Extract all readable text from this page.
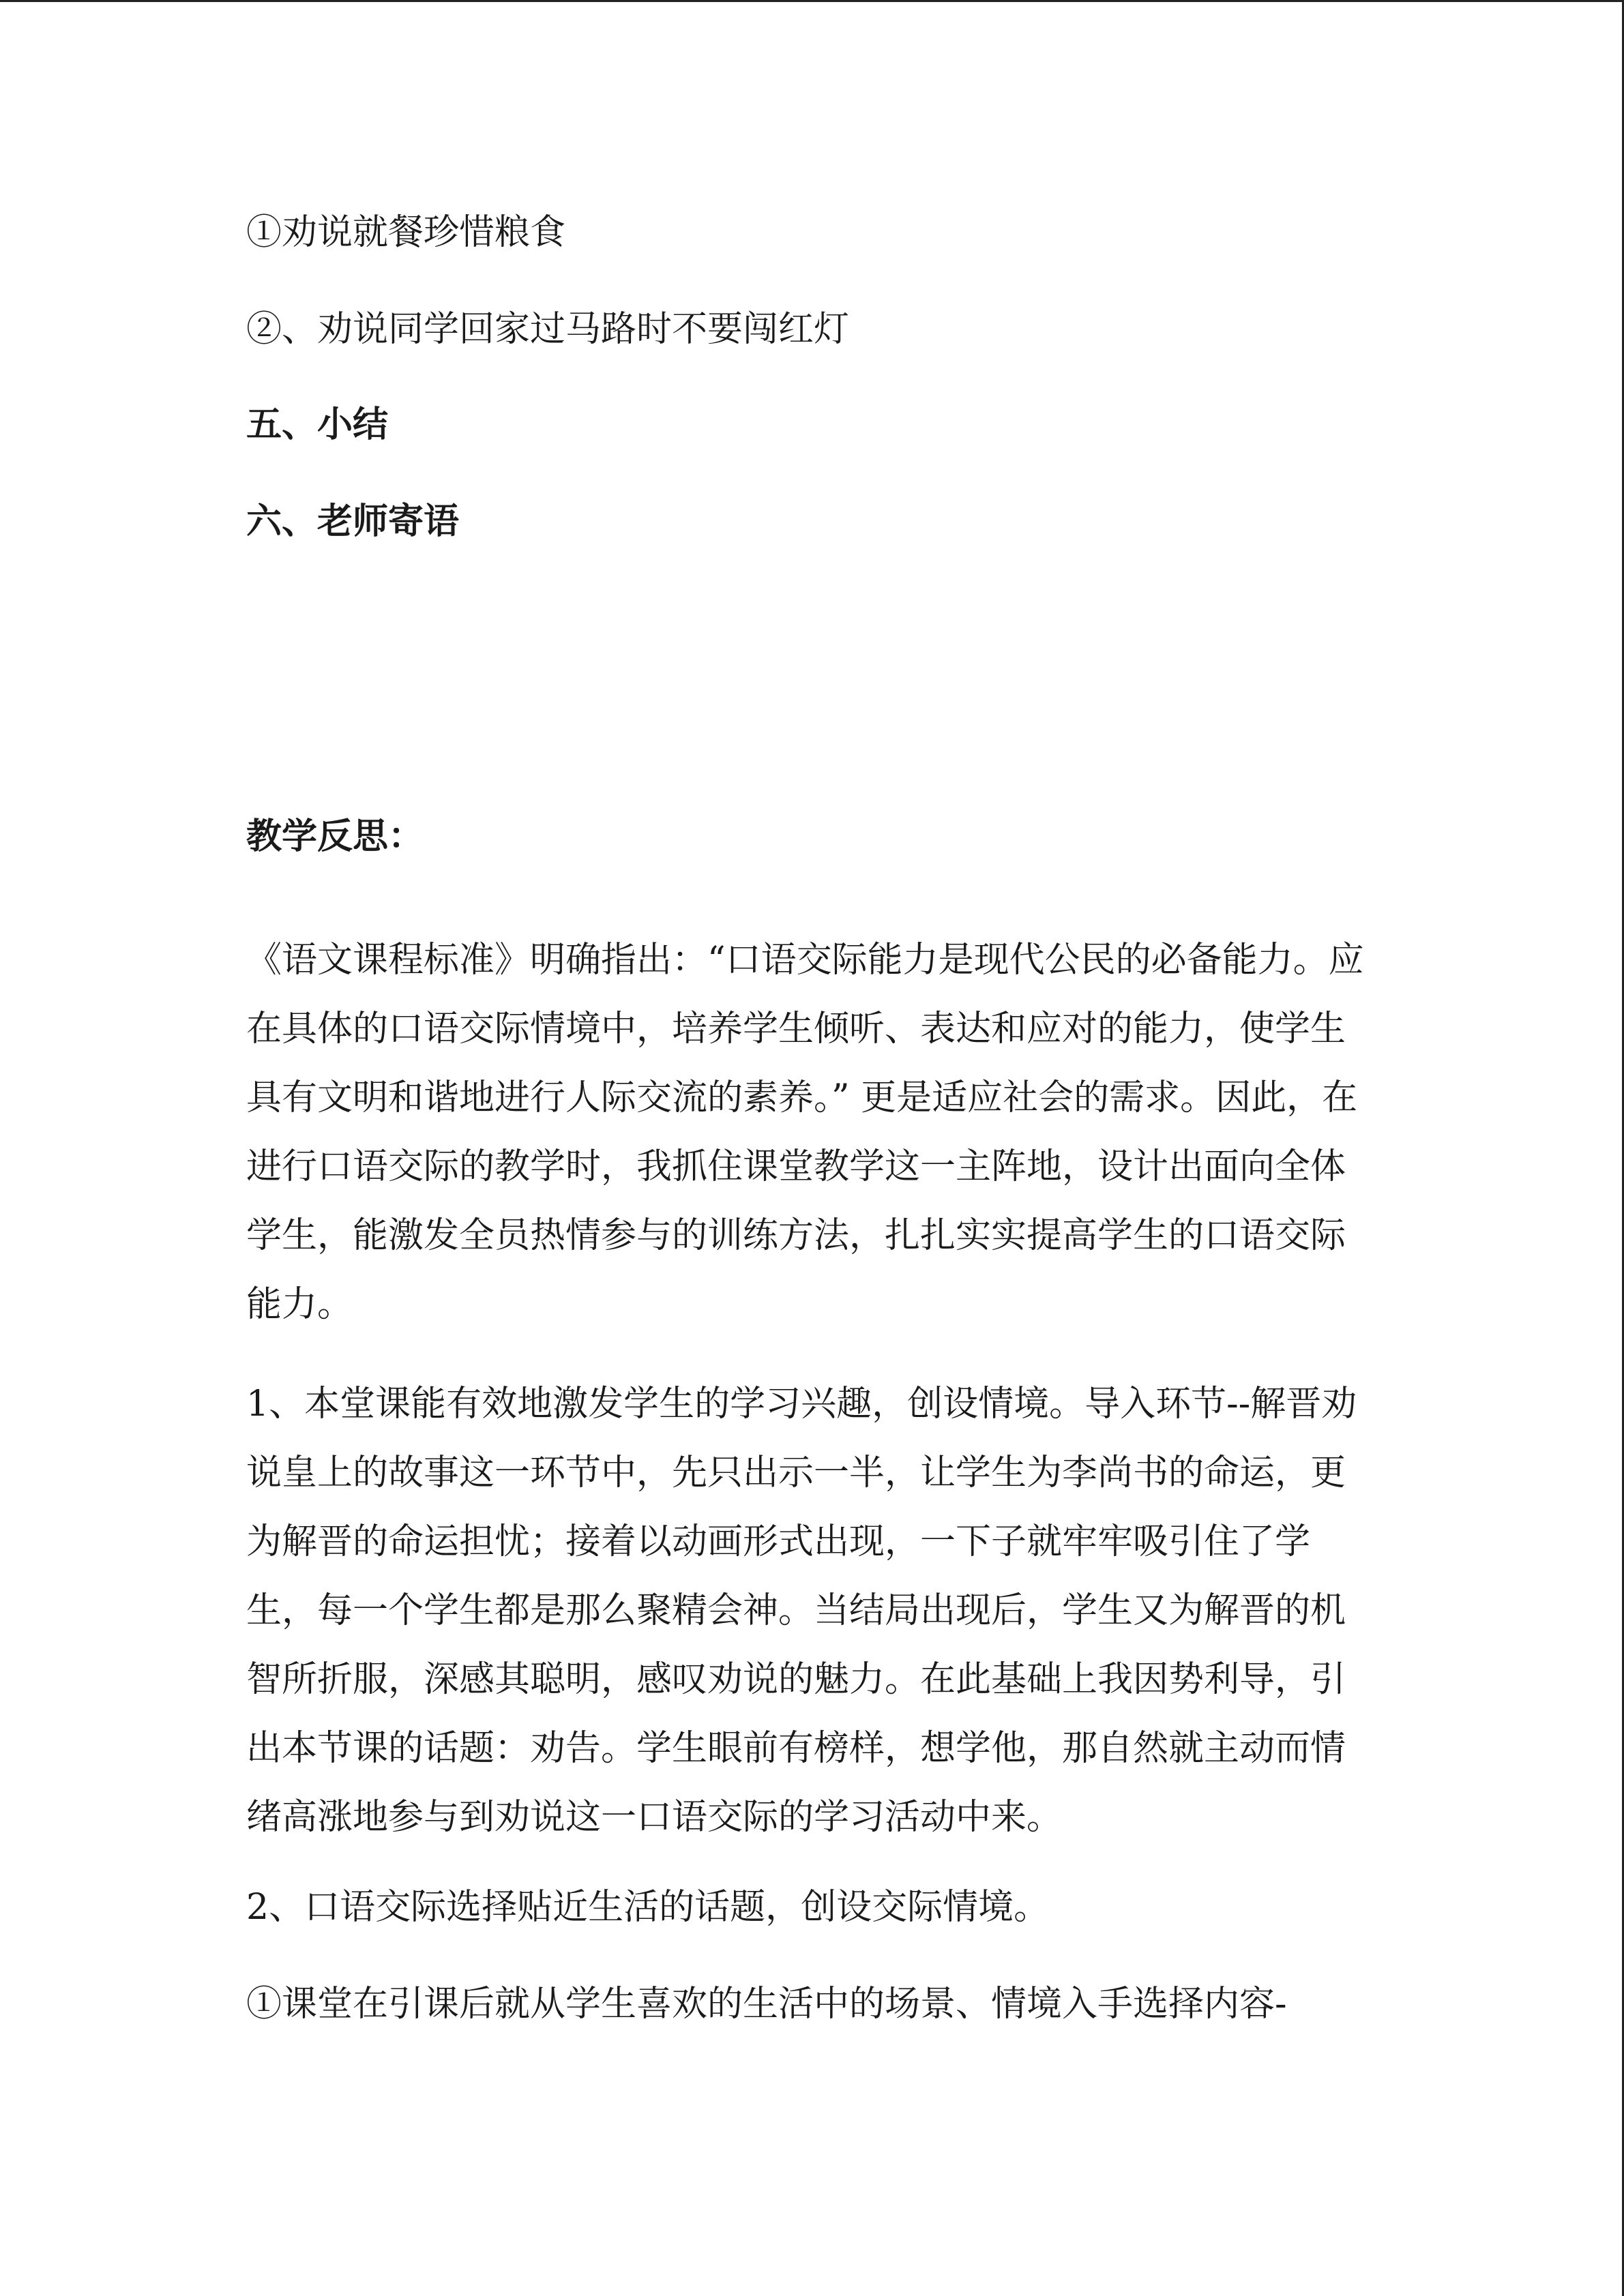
①劝说就餐珍惜粮食

②、劝说同学回家过马路时不要闯红灯

五、小结

六、老师寄语

教学反思：

《语文课程标准》明确指出：“口语交际能力是现代公民的必备能力。应在具体的口语交际情境中，培养学生倾听、表达和应对的能力，使学生具有文明和谐地进行人际交流的素养。” 更是适应社会的需求。因此，在进行口语交际的教学时，我抓住课堂教学这一主阵地，设计出面向全体学生，能激发全员热情参与的训练方法，扎扎实实提高学生的口语交际能力。

1、本堂课能有效地激发学生的学习兴趣，创设情境。导入环节--解晋劝说皇上的故事这一环节中，先只出示一半，让学生为李尚书的命运，更为解晋的命运担忧；接着以动画形式出现，一下子就牢牢吸引住了学生，每一个学生都是那么聚精会神。当结局出现后，学生又为解晋的机智所折服，深感其聪明，感叹劝说的魅力。在此基础上我因势利导，引出本节课的话题：劝告。学生眼前有榜样，想学他，那自然就主动而情绪高涨地参与到劝说这一口语交际的学习活动中来。

2、口语交际选择贴近生活的话题，创设交际情境。

①课堂在引课后就从学生喜欢的生活中的场景、情境入手选择内容-
